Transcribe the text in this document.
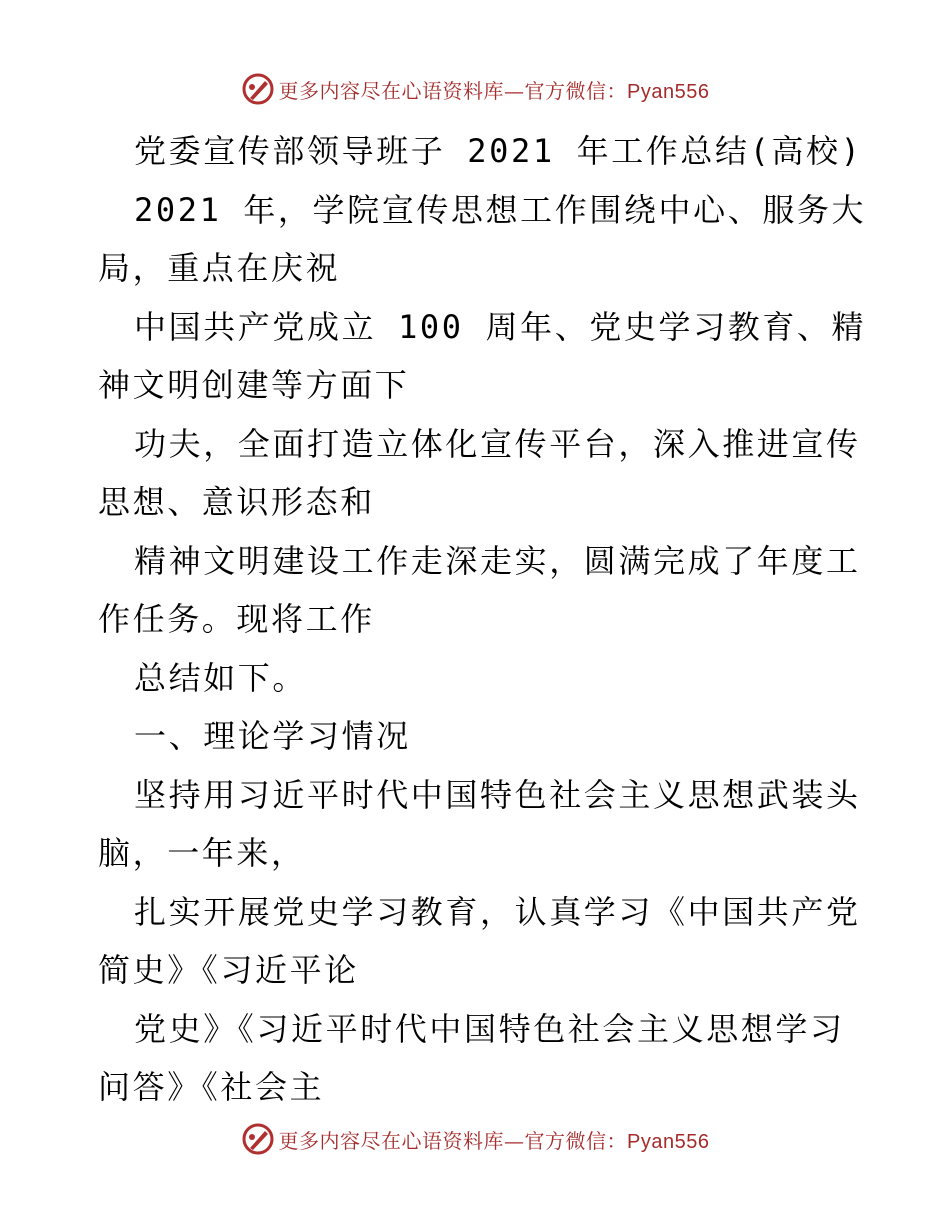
更多内容尽在心语资料库—官方微信：Pyan556
党委宣传部领导班子 2021 年工作总结(高校)
2021 年，学院宣传思想工作围绕中心、服务大
局，重点在庆祝
中国共产党成立 100 周年、党史学习教育、精
神文明创建等方面下
功夫，全面打造立体化宣传平台，深入推进宣传
思想、意识形态和
精神文明建设工作走深走实，圆满完成了年度工
作任务。现将工作
总结如下。
一、理论学习情况
坚持用习近平时代中国特色社会主义思想武装头
脑，一年来，
扎实开展党史学习教育，认真学习《中国共产党
简史》《习近平论
党史》《习近平时代中国特色社会主义思想学习
问答》《社会主
更多内容尽在心语资料库—官方微信：Pyan556
